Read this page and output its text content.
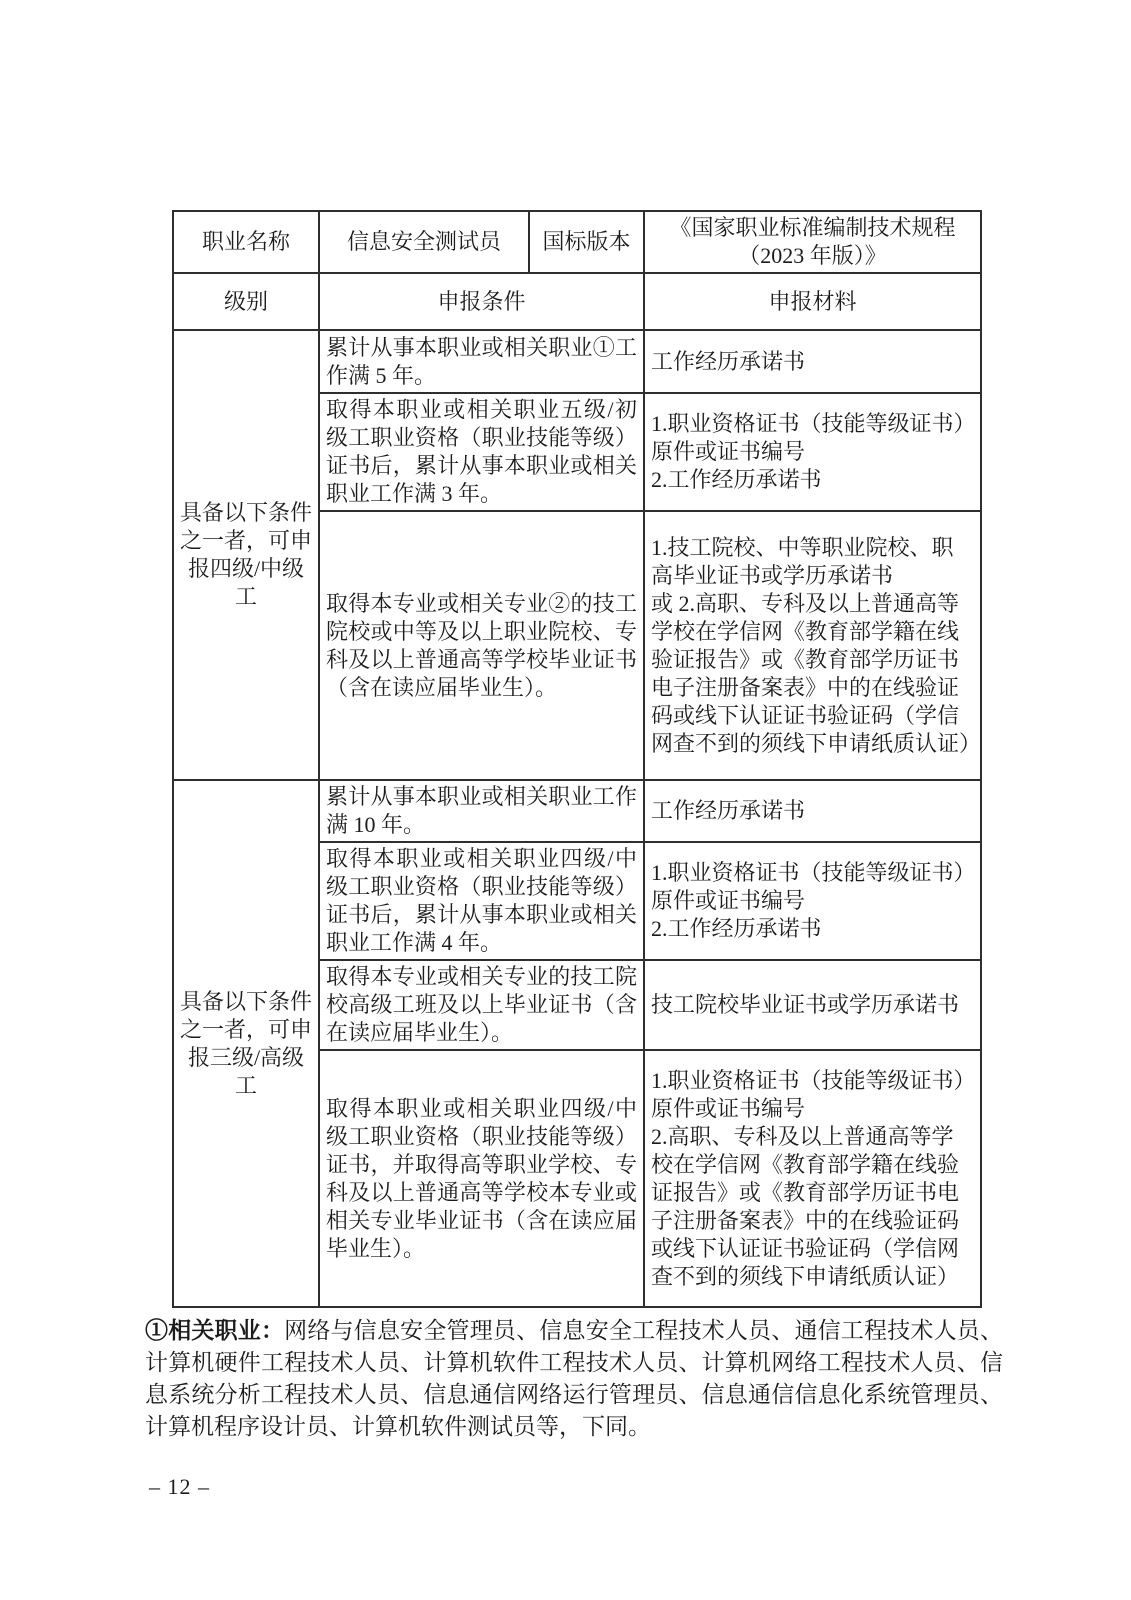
职业名称	信息安全测试员	国标版本	《国家职业标准编制技术规程（2023 年版）》
级别	申报条件		申报材料
具备以下条件之一者，可申报四级/中级工	累计从事本职业或相关职业①工作满 5 年。		工作经历承诺书

	取得本职业或相关职业五级/初级工职业资格（职业技能等级）证书后，累计从事本职业或相关职业工作满 3 年。		1.职业资格证书（技能等级证书）原件或证书编号
2.工作经历承诺书

	取得本专业或相关专业②的技工院校或中等及以上职业院校、专科及以上普通高等学校毕业证书（含在读应届毕业生）。		1.技工院校、中等职业院校、职高毕业证书或学历承诺书
或 2.高职、专科及以上普通高等学校在学信网《教育部学籍在线验证报告》或《教育部学历证书电子注册备案表》中的在线验证码或线下认证证书验证码（学信网查不到的须线下申请纸质认证）

具备以下条件之一者，可申报三级/高级工	累计从事本职业或相关职业工作满 10 年。		工作经历承诺书

	取得本职业或相关职业四级/中级工职业资格（职业技能等级）证书后，累计从事本职业或相关职业工作满 4 年。		1.职业资格证书（技能等级证书）原件或证书编号
2.工作经历承诺书

	取得本专业或相关专业的技工院校高级工班及以上毕业证书（含在读应届毕业生）。		技工院校毕业证书或学历承诺书

	取得本职业或相关职业四级/中级工职业资格（职业技能等级）证书，并取得高等职业学校、专科及以上普通高等学校本专业或相关专业毕业证书（含在读应届毕业生）。		1.职业资格证书（技能等级证书）原件或证书编号
2.高职、专科及以上普通高等学校在学信网《教育部学籍在线验证报告》或《教育部学历证书电子注册备案表》中的在线验证码或线下认证证书验证码（学信网查不到的须线下申请纸质认证）

①相关职业：网络与信息安全管理员、信息安全工程技术人员、通信工程技术人员、计算机硬件工程技术人员、计算机软件工程技术人员、计算机网络工程技术人员、信息系统分析工程技术人员、信息通信网络运行管理员、信息通信信息化系统管理员、计算机程序设计员、计算机软件测试员等，下同。

– 12 –
